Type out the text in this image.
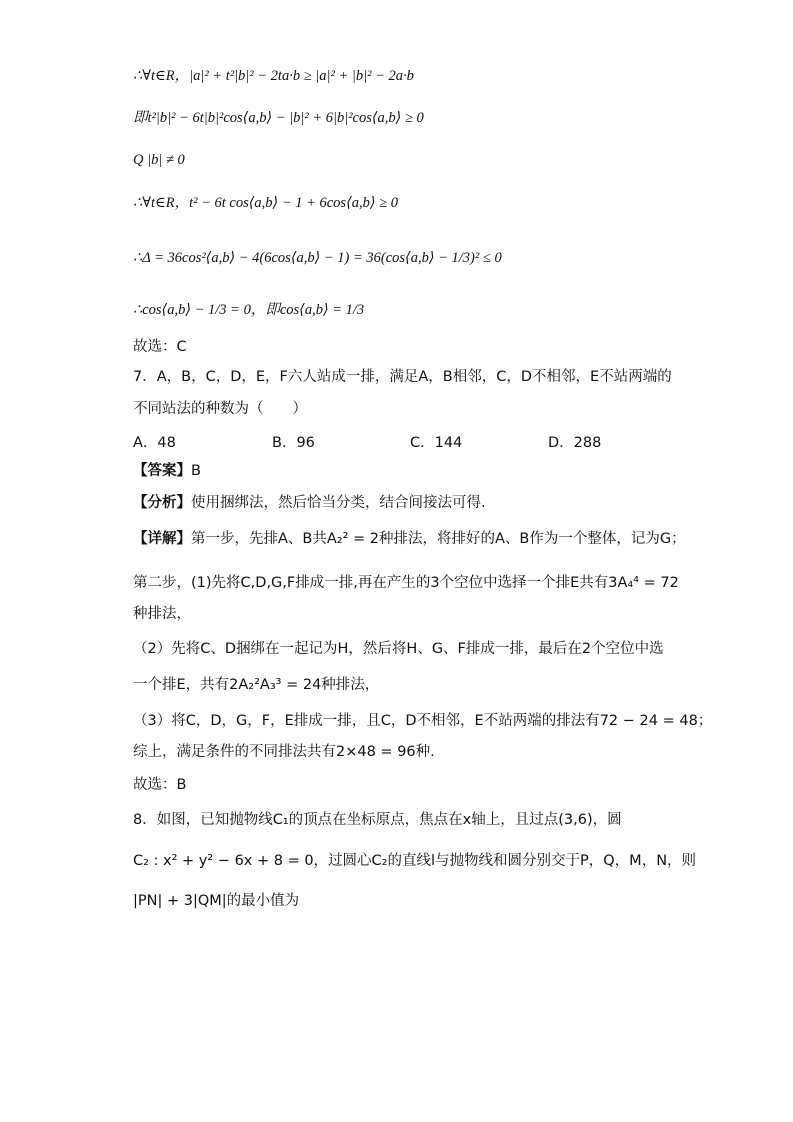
∴∀t∈R，|a|² + t²|b|² − 2ta·b ≥ |a|² + |b|² − 2a·b
即t²|b|² − 6t|b|²cos⟨a,b⟩ − |b|² + 6|b|²cos⟨a,b⟩ ≥ 0
Q |b| ≠ 0
∴∀t∈R，t² − 6t cos⟨a,b⟩ − 1 + 6cos⟨a,b⟩ ≥ 0
∴Δ = 36cos²⟨a,b⟩ − 4(6cos⟨a,b⟩ − 1) = 36(cos⟨a,b⟩ − 1/3)² ≤ 0
∴cos⟨a,b⟩ − 1/3 = 0，即cos⟨a,b⟩ = 1/3
故选：C
7．A，B，C，D，E，F六人站成一排，满足A，B相邻，C，D不相邻，E不站两端的
不同站法的种数为（　　）
A．48	B．96	C．144	D．288
【答案】B
【分析】使用捆绑法，然后恰当分类，结合间接法可得.
【详解】第一步，先排A、B共A₂² = 2种排法，将排好的A、B作为一个整体，记为G；
第二步，(1)先将C,D,G,F排成一排,再在产生的3个空位中选择一个排E共有3A₄⁴ = 72
种排法，
（2）先将C、D捆绑在一起记为H，然后将H、G、F排成一排，最后在2个空位中选
一个排E，共有2A₂²A₃³ = 24种排法，
（3）将C，D，G，F，E排成一排，且C，D不相邻，E不站两端的排法有72 − 24 = 48；
综上，满足条件的不同排法共有2×48 = 96种.
故选：B
8．如图，已知抛物线C₁的顶点在坐标原点，焦点在x轴上，且过点(3,6)，圆
C₂ : x² + y² − 6x + 8 = 0，过圆心C₂的直线l与抛物线和圆分别交于P，Q，M，N，则
|PN| + 3|QM|的最小值为
